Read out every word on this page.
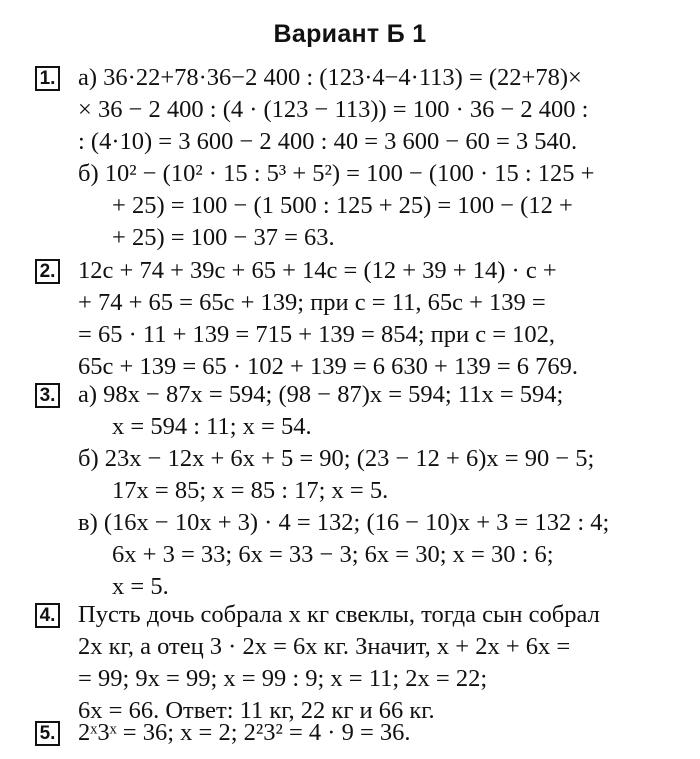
Вариант Б 1
1. а) 36·22+78·36−2 400 : (123·4−4·113) = (22+78)×
× 36 − 2 400 : (4 · (123 − 113)) = 100 · 36 − 2 400 :
: (4·10) = 3 600 − 2 400 : 40 = 3 600 − 60 = 3 540.
б) 10² − (10² · 15 : 5³ + 5²) = 100 − (100 · 15 : 125 +
+ 25) = 100 − (1 500 : 125 + 25) = 100 − (12 +
+ 25) = 100 − 37 = 63.
2. 12c + 74 + 39c + 65 + 14c = (12 + 39 + 14) · c +
+ 74 + 65 = 65c + 139; при c = 11, 65c + 139 =
= 65 · 11 + 139 = 715 + 139 = 854; при c = 102,
65c + 139 = 65 · 102 + 139 = 6 630 + 139 = 6 769.
3. а) 98x − 87x = 594; (98 − 87)x = 594; 11x = 594;
x = 594 : 11; x = 54.
б) 23x − 12x + 6x + 5 = 90; (23 − 12 + 6)x = 90 − 5;
17x = 85; x = 85 : 17; x = 5.
в) (16x − 10x + 3) · 4 = 132; (16 − 10)x + 3 = 132 : 4;
6x + 3 = 33; 6x = 33 − 3; 6x = 30; x = 30 : 6;
x = 5.
4. Пусть дочь собрала x кг свеклы, тогда сын собрал
2x кг, а отец 3 · 2x = 6x кг. Значит, x + 2x + 6x =
= 99; 9x = 99; x = 99 : 9; x = 11; 2x = 22;
6x = 66. Ответ: 11 кг, 22 кг и 66 кг.
5. 2ˣ3ˣ = 36; x = 2; 2²3² = 4 · 9 = 36.
